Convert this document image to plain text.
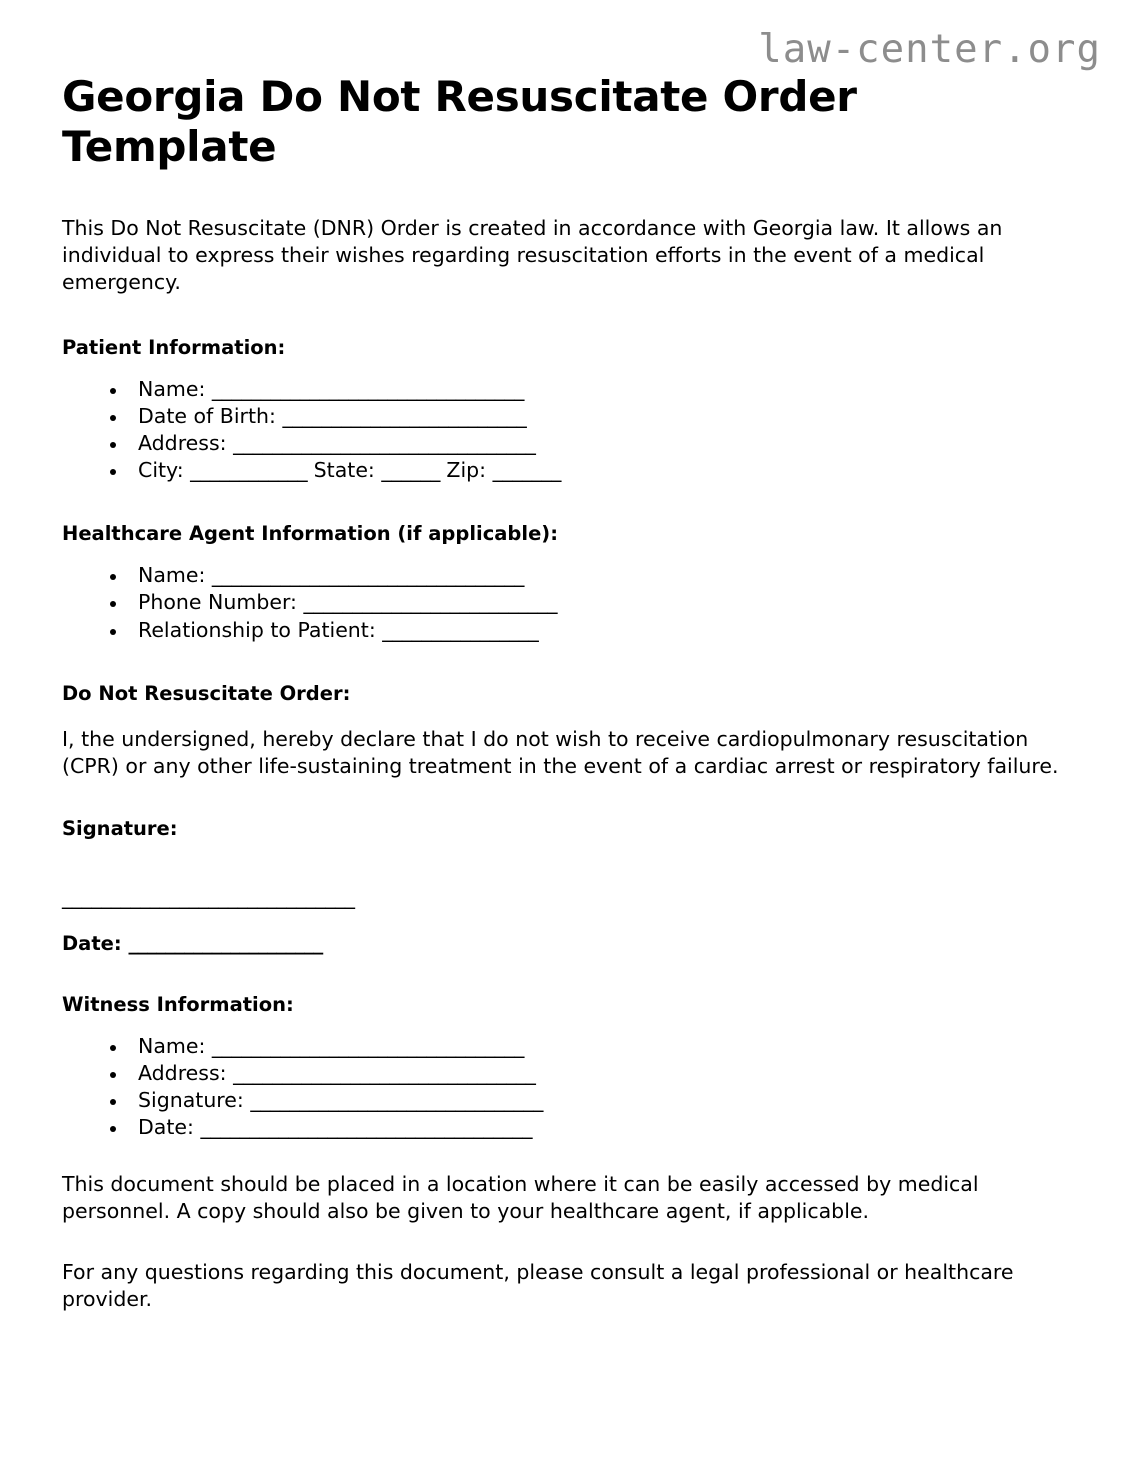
law-center.org
Georgia Do Not Resuscitate Order Template

This Do Not Resuscitate (DNR) Order is created in accordance with Georgia law. It allows an individual to express their wishes regarding resuscitation efforts in the event of a medical emergency.

Patient Information:
Name: ________________________________
Date of Birth: _________________________
Address: _______________________________
City: ____________ State: ______ Zip: _______
Healthcare Agent Information (if applicable):
Name: ________________________________
Phone Number: __________________________
Relationship to Patient: ________________
Do Not Resuscitate Order:

I, the undersigned, hereby declare that I do not wish to receive cardiopulmonary resuscitation (CPR) or any other life-sustaining treatment in the event of a cardiac arrest or respiratory failure.

Signature:
______________________________
Date: _____________________
Witness Information:
Name: ________________________________
Address: _______________________________
Signature: ______________________________
Date: __________________________________

This document should be placed in a location where it can be easily accessed by medical personnel. A copy should also be given to your healthcare agent, if applicable.

For any questions regarding this document, please consult a legal professional or healthcare provider.
